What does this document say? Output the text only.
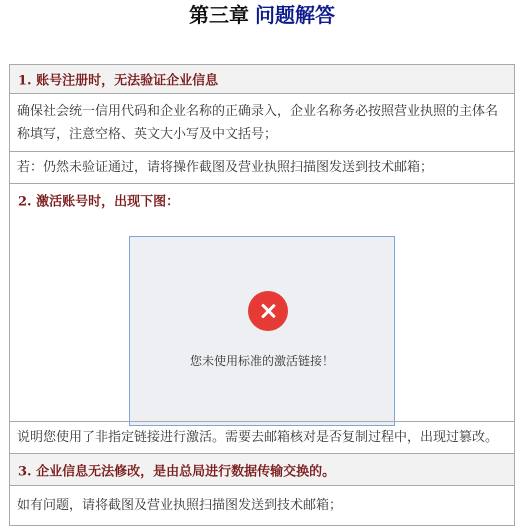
第三章 问题解答
1. 账号注册时，无法验证企业信息
确保社会统一信用代码和企业名称的正确录入，企业名称务必按照营业执照的主体名
称填写，注意空格、英文大小写及中文括号；
若：仍然未验证通过，请将操作截图及营业执照扫描图发送到技术邮箱；
2. 激活账号时，出现下图：
您未使用标准的激活链接！
说明您使用了非指定链接进行激活。需要去邮箱核对是否复制过程中，出现过篡改。
3. 企业信息无法修改，是由总局进行数据传输交换的。
如有问题，请将截图及营业执照扫描图发送到技术邮箱；
